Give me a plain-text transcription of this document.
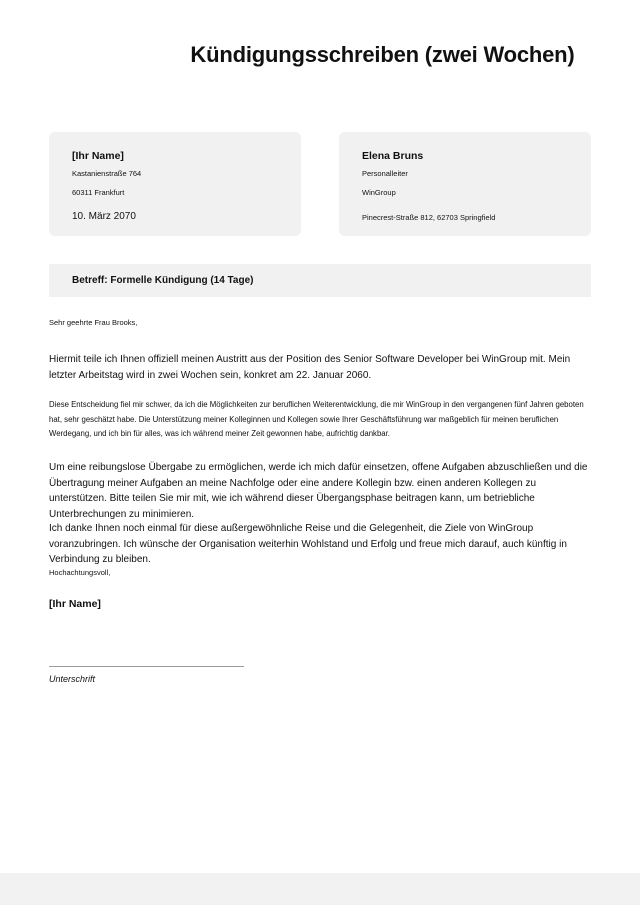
Kündigungsschreiben (zwei Wochen)
[Ihr Name]
Kastanienstraße 764
60311 Frankfurt
10. März 2070
Elena Bruns
Personalleiter
WinGroup
Pinecrest-Straße 812, 62703 Springfield
Betreff: Formelle Kündigung (14 Tage)

Sehr geehrte Frau Brooks,

Hiermit teile ich Ihnen offiziell meinen Austritt aus der Position des Senior Software Developer bei WinGroup mit. Mein letzter Arbeitstag wird in zwei Wochen sein, konkret am 22. Januar 2060.

Diese Entscheidung fiel mir schwer, da ich die Möglichkeiten zur beruflichen Weiterentwicklung, die mir WinGroup in den vergangenen fünf Jahren geboten hat, sehr geschätzt habe. Die Unterstützung meiner Kolleginnen und Kollegen sowie Ihrer Geschäftsführung war maßgeblich für meinen beruflichen Werdegang, und ich bin für alles, was ich während meiner Zeit gewonnen habe, aufrichtig dankbar.

Um eine reibungslose Übergabe zu ermöglichen, werde ich mich dafür einsetzen, offene Aufgaben abzuschließen und die Übertragung meiner Aufgaben an meine Nachfolge oder eine andere Kollegin bzw. einen anderen Kollegen zu unterstützen. Bitte teilen Sie mir mit, wie ich während dieser Übergangsphase beitragen kann, um betriebliche Unterbrechungen zu minimieren.

Ich danke Ihnen noch einmal für diese außergewöhnliche Reise und die Gelegenheit, die Ziele von WinGroup voranzubringen. Ich wünsche der Organisation weiterhin Wohlstand und Erfolg und freue mich darauf, auch künftig in Verbindung zu bleiben.

Hochachtungsvoll,

[Ihr Name]

Unterschrift
